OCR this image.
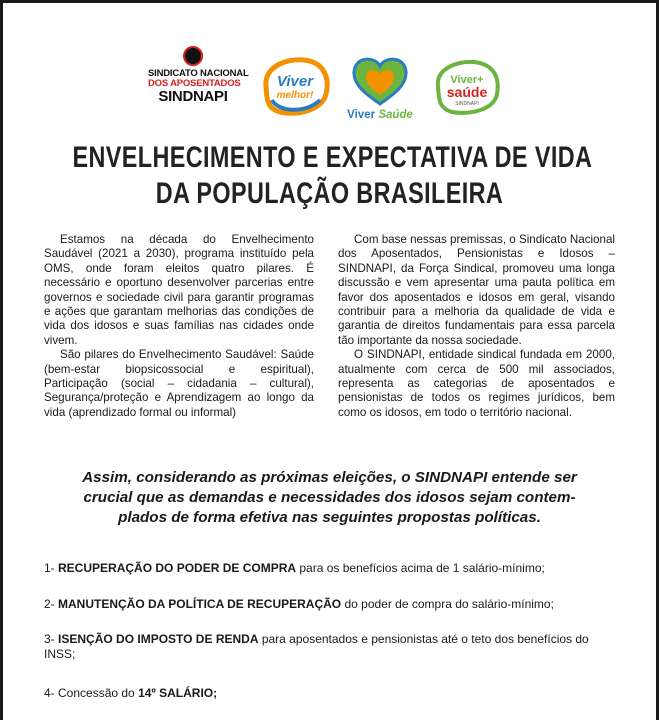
SINDICATO NACIONAL
DOS APOSENTADOS
SINDNAPI
Viver
melhor!
Viver Saúde
Viver+
saúde
SINDNAPI
ENVELHECIMENTO E EXPECTATIVA DE VIDA
DA POPULAÇÃO BRASILEIRA

Estamos na década do Envelhecimento Saudável (2021 a 2030), programa instituído pela OMS, onde foram eleitos quatro pilares. É necessário e oportuno desenvolver parcerias entre governos e sociedade civil para garantir programas e ações que garantam melhorias das condições de vida dos idosos e suas famílias nas cidades onde vivem.

São pilares do Envelhecimento Saudável: Saúde (bem-estar biopsicossocial e espiritual), Participação (social – cidadania – cultural), Segurança/proteção e Aprendizagem ao longo da vida (aprendizado formal ou informal)

Com base nessas premissas, o Sindicato Nacional dos Aposentados, Pensionistas e Idosos – SINDNAPI, da Força Sindical, promoveu uma longa discussão e vem apresentar uma pauta política em favor dos aposentados e idosos em geral, visando contribuir para a melhoria da qualidade de vida e garantia de direitos fundamentais para essa parcela tão importante da nossa sociedade.

O SINDNAPI, entidade sindical fundada em 2000, atualmente com cerca de 500 mil associados, representa as categorias de aposentados e pensionistas de todos os regimes jurídicos, bem como os idosos, em todo o território nacional.

Assim, considerando as próximas eleições, o SINDNAPI entende ser
crucial que as demandas e necessidades dos idosos sejam contem-
plados de forma efetiva nas seguintes propostas políticas.
1- RECUPERAÇÃO DO PODER DE COMPRA para os benefícios acima de 1 salário-mínimo;
2- MANUTENÇÃO DA POLÍTICA DE RECUPERAÇÃO do poder de compra do salário-mínimo;
3- ISENÇÃO DO IMPOSTO DE RENDA para aposentados e pensionistas até o teto dos benefícios do INSS;
4- Concessão do 14º SALÁRIO;
